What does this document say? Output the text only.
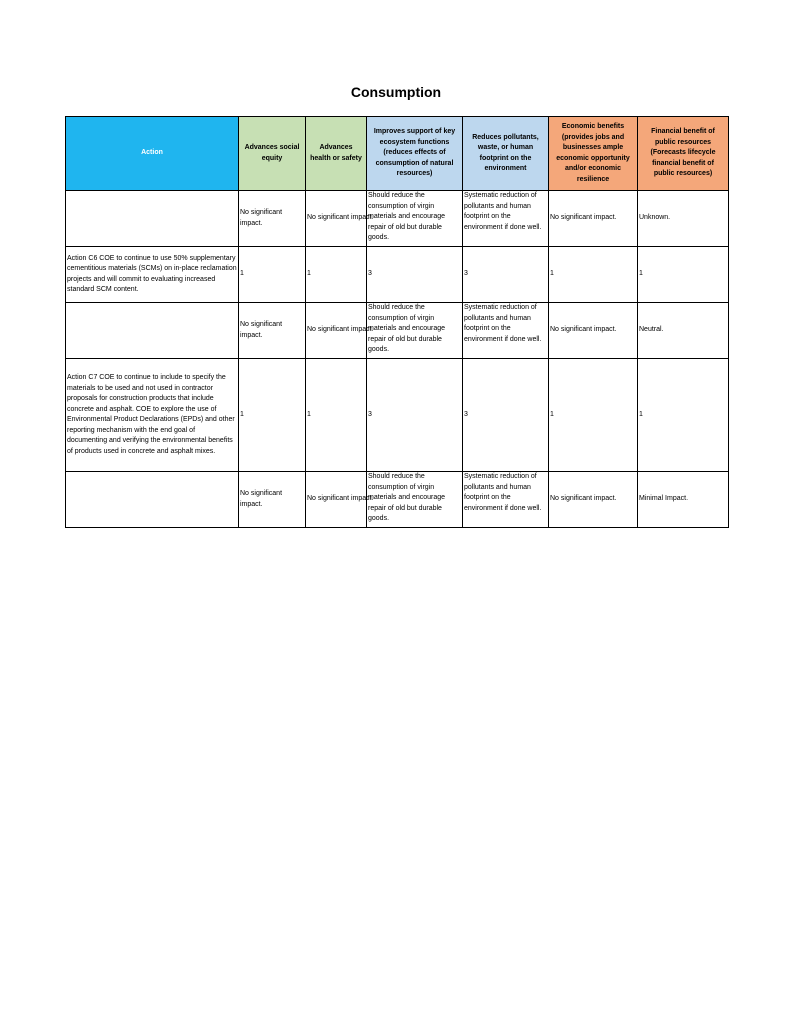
Consumption
Action	Advances social equity	Advances health or safety	Improves support of key ecosystem functions (reduces effects of consumption of natural resources)	Reduces pollutants, waste, or human footprint on the environment	Economic benefits (provides jobs and businesses ample economic opportunity and/or economic resilience	Financial benefit of public resources (Forecasts lifecycle financial benefit of public resources)
	No significant impact.	No significant impact.	Should reduce the consumption of virgin materials and encourage repair of old but durable goods.	Systematic reduction of pollutants and human footprint on the environment if done well.	No significant impact.	Unknown.
Action C6 COE to continue to use 50% supplementary cementitious materials (SCMs) on in-place reclamation projects and will commit to evaluating increased standard SCM content.	1	1	3	3	1	1
	No significant impact.	No significant impact.	Should reduce the consumption of virgin materials and encourage repair of old but durable goods.	Systematic reduction of pollutants and human footprint on the environment if done well.	No significant impact.	Neutral.
Action C7 COE to continue to include to specify the materials to be used and not used in contractor proposals for construction products that include concrete and asphalt. COE to explore the use of Environmental Product Declarations (EPDs) and other reporting mechanism with the end goal of documenting and verifying the environmental benefits of products used in concrete and asphalt mixes.	1	1	3	3	1	1
	No significant impact.	No significant impact.	Should reduce the consumption of virgin materials and encourage repair of old but durable goods.	Systematic reduction of pollutants and human footprint on the environment if done well.	No significant impact.	Minimal Impact.
